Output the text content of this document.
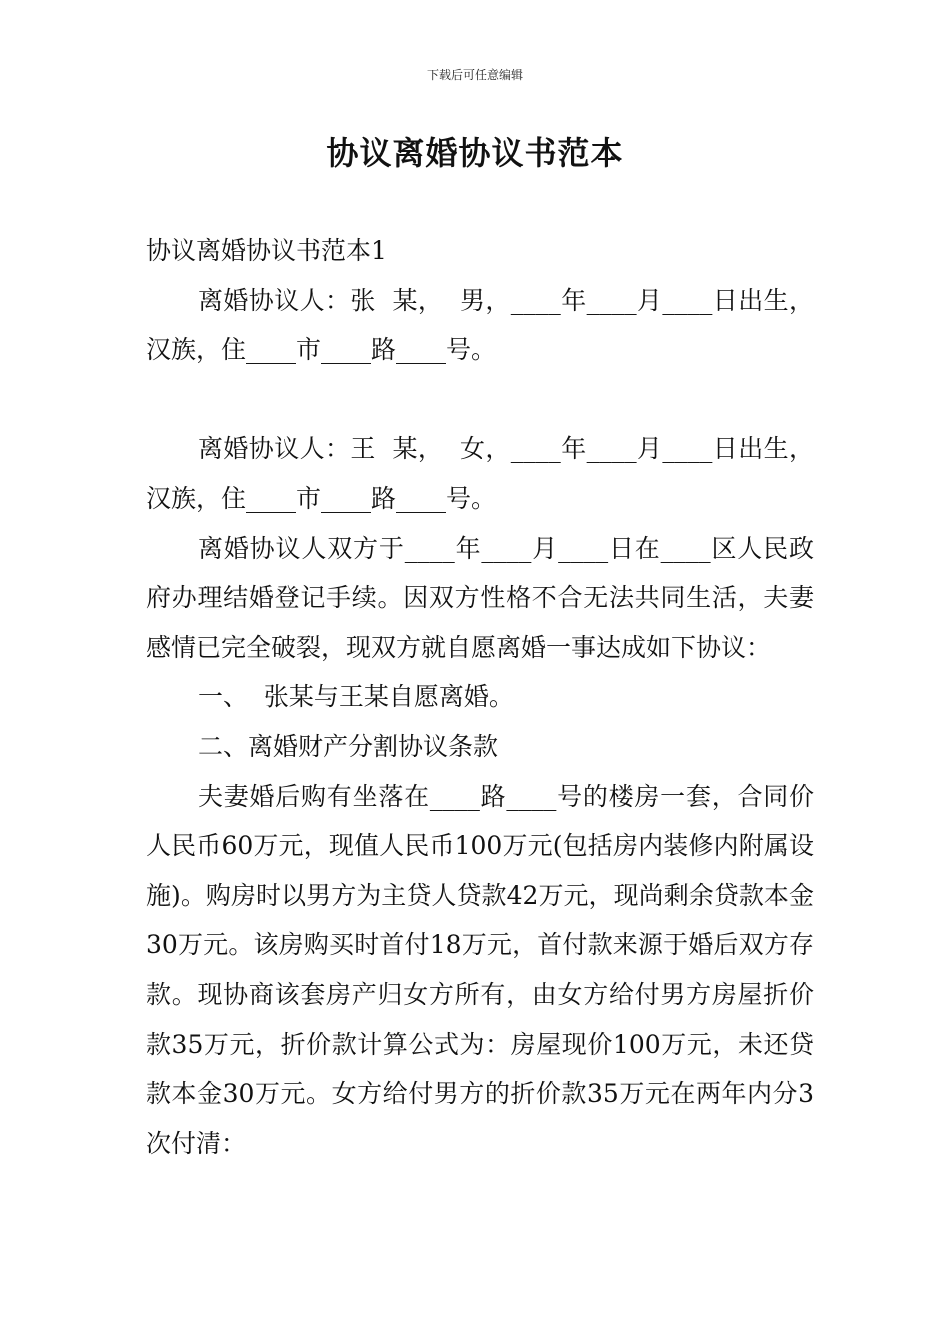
下载后可任意编辑
协议离婚协议书范本

协议离婚协议书范本1

离婚协议人：张  某，  男，____年____月____日出生，汉族，住____市____路____号。

离婚协议人：王  某，  女，____年____月____日出生，汉族，住____市____路____号。

离婚协议人双方于____年____月____日在____区人民政府办理结婚登记手续。因双方性格不合无法共同生活，夫妻感情已完全破裂，现双方就自愿离婚一事达成如下协议：

一、  张某与王某自愿离婚。

二、离婚财产分割协议条款

夫妻婚后购有坐落在____路____号的楼房一套，合同价人民币60万元，现值人民币100万元(包括房内装修内附属设施)。购房时以男方为主贷人贷款42万元，现尚剩余贷款本金30万元。该房购买时首付18万元，首付款来源于婚后双方存款。现协商该套房产归女方所有，由女方给付男方房屋折价款35万元，折价款计算公式为：房屋现价100万元，未还贷款本金30万元。女方给付男方的折价款35万元在两年内分3次付清：
